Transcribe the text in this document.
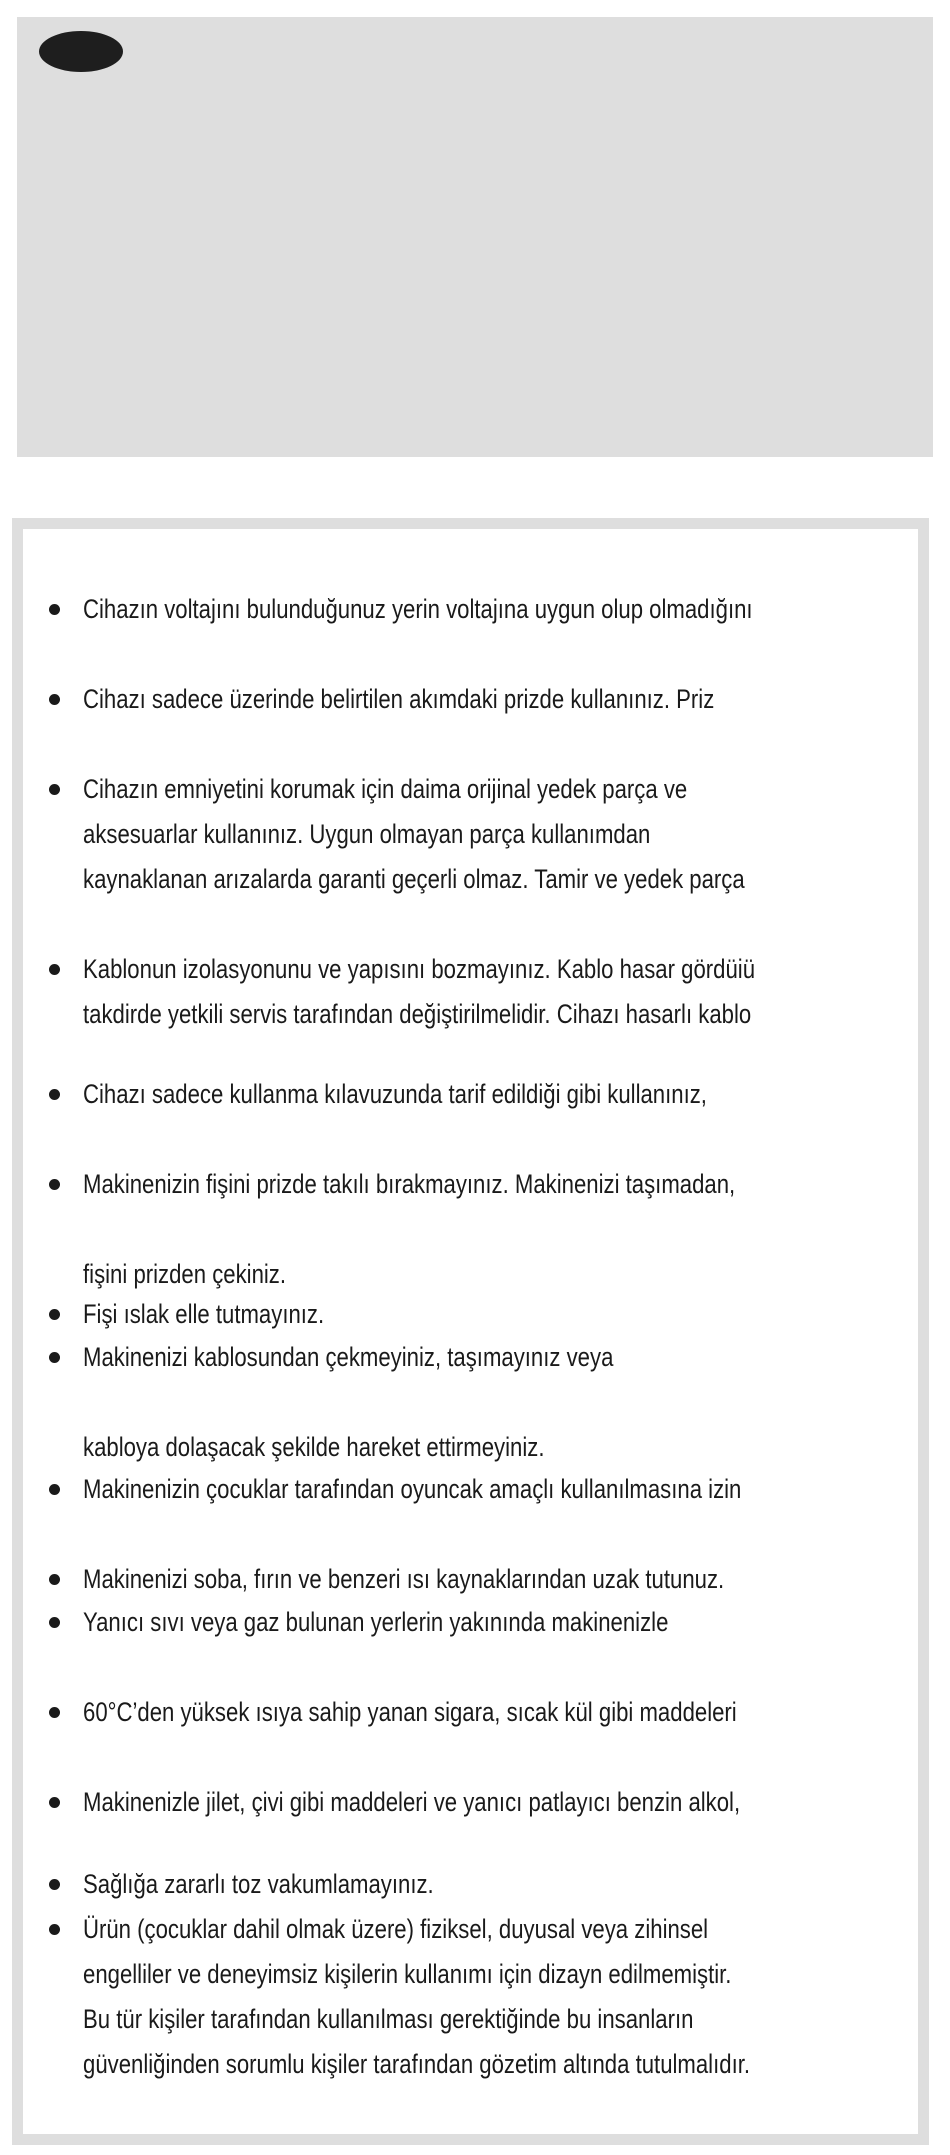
Cihazın voltajını bulunduğunuz yerin voltajına uygun olup olmadığını
Cihazı sadece üzerinde belirtilen akımdaki prizde kullanınız. Priz
Cihazın emniyetini korumak için daima orijinal yedek parça ve
aksesuarlar kullanınız. Uygun olmayan parça kullanımdan
kaynaklanan arızalarda garanti geçerli olmaz. Tamir ve yedek parça
Kablonun izolasyonunu ve yapısını bozmayınız. Kablo hasar gördüiü
takdirde yetkili servis tarafından değiştirilmelidir. Cihazı hasarlı kablo
Cihazı sadece kullanma kılavuzunda tarif edildiği gibi kullanınız,
Makinenizin fişini prizde takılı bırakmayınız. Makinenizi taşımadan,
fişini prizden çekiniz.
Fişi ıslak elle tutmayınız.
Makinenizi kablosundan çekmeyiniz, taşımayınız veya
kabloya dolaşacak şekilde hareket ettirmeyiniz.
Makinenizin çocuklar tarafından oyuncak amaçlı kullanılmasına izin
Makinenizi soba, fırın ve benzeri ısı kaynaklarından uzak tutunuz.
Yanıcı sıvı veya gaz bulunan yerlerin yakınında makinenizle
60°C’den yüksek ısıya sahip yanan sigara, sıcak kül gibi maddeleri
Makinenizle jilet, çivi gibi maddeleri ve yanıcı patlayıcı benzin alkol,
Sağlığa zararlı toz vakumlamayınız.
Ürün (çocuklar dahil olmak üzere) fiziksel, duyusal veya zihinsel
engelliler ve deneyimsiz kişilerin kullanımı için dizayn edilmemiştir.
Bu tür kişiler tarafından kullanılması gerektiğinde bu insanların
güvenliğinden sorumlu kişiler tarafından gözetim altında tutulmalıdır.
